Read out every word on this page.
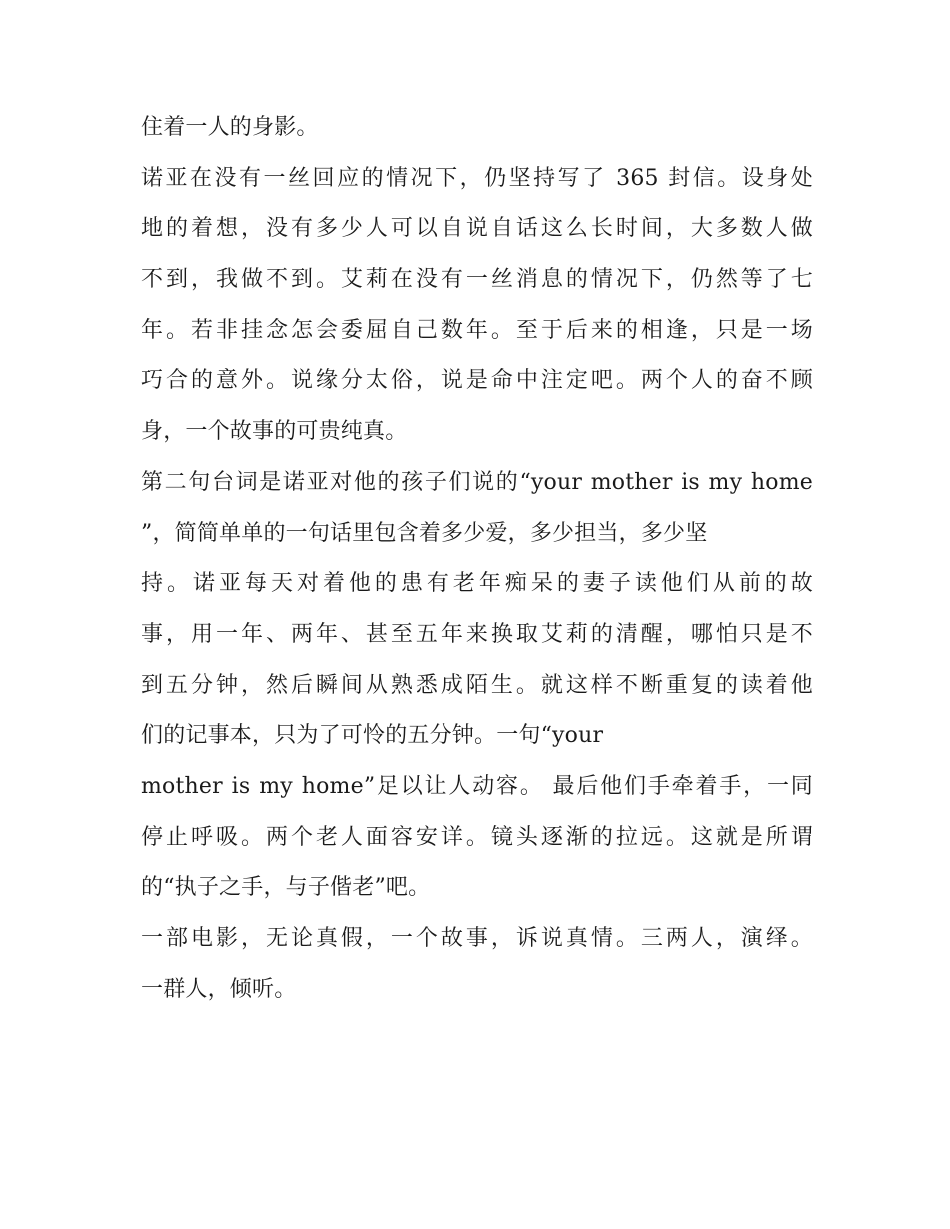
住着一人的身影。
诺亚在没有一丝回应的情况下，仍坚持写了 365 封信。设身处
地的着想，没有多少人可以自说自话这么长时间，大多数人做
不到，我做不到。艾莉在没有一丝消息的情况下，仍然等了七
年。若非挂念怎会委屈自己数年。至于后来的相逢，只是一场
巧合的意外。说缘分太俗，说是命中注定吧。两个人的奋不顾
身，一个故事的可贵纯真。
第二句台词是诺亚对他的孩子们说的“your mother is my home
”，简简单单的一句话里包含着多少爱，多少担当，多少坚
持。诺亚每天对着他的患有老年痴呆的妻子读他们从前的故
事，用一年、两年、甚至五年来换取艾莉的清醒，哪怕只是不
到五分钟，然后瞬间从熟悉成陌生。就这样不断重复的读着他
们的记事本，只为了可怜的五分钟。一句“your
mother is my home”足以让人动容。 最后他们手牵着手，一同
停止呼吸。两个老人面容安详。镜头逐渐的拉远。这就是所谓
的“执子之手，与子偕老”吧。
一部电影，无论真假，一个故事，诉说真情。三两人，演绎。
一群人，倾听。
